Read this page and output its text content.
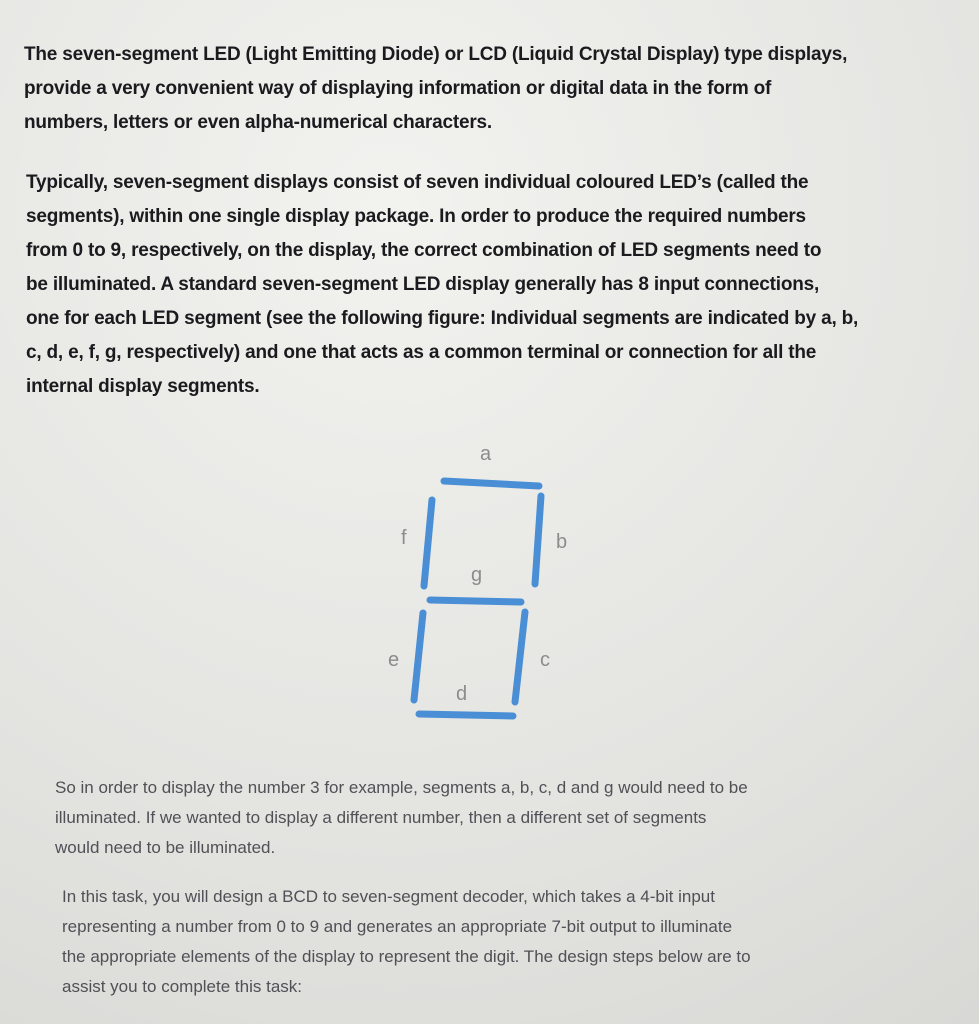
The seven-segment LED (Light Emitting Diode) or LCD (Liquid Crystal Display) type displays,
provide a very convenient way of displaying information or digital data in the form of
numbers, letters or even alpha-numerical characters.

Typically, seven-segment displays consist of seven individual coloured LED’s (called the
segments), within one single display package. In order to produce the required numbers
from 0 to 9, respectively, on the display, the correct combination of LED segments need to
be illuminated. A standard seven-segment LED display generally has 8 input connections,
one for each LED segment (see the following figure: Individual segments are indicated by a, b,
c, d, e, f, g, respectively) and one that acts as a common terminal or connection for all the
internal display segments.

a
b
f
g
e	c
d

So in order to display the number 3 for example, segments a, b, c, d and g would need to be
illuminated. If we wanted to display a different number, then a different set of segments
would need to be illuminated.

In this task, you will design a BCD to seven-segment decoder, which takes a 4-bit input
representing a number from 0 to 9 and generates an appropriate 7-bit output to illuminate
the appropriate elements of the display to represent the digit. The design steps below are to
assist you to complete this task:
